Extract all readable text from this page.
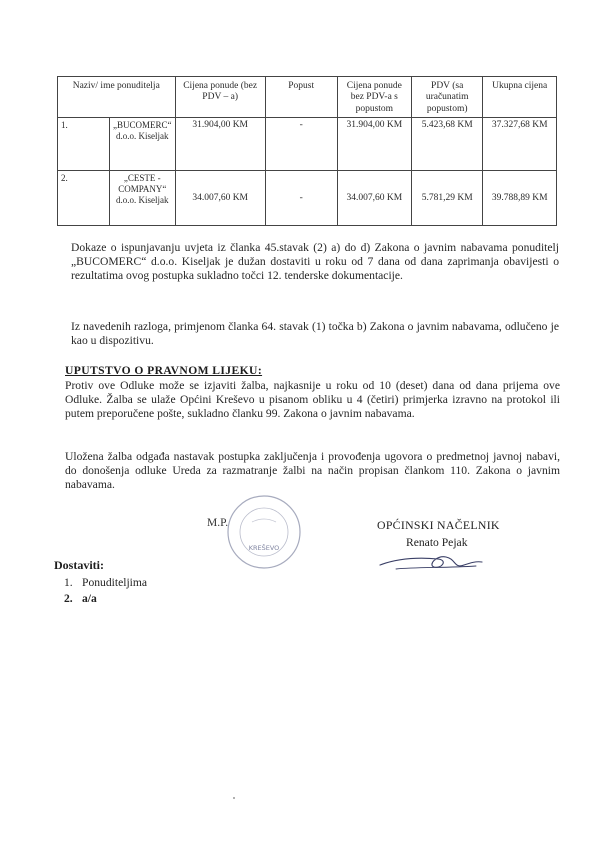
Naziv/ ime ponuditelja		Cijena ponude (bez PDV – a)	Popust	Cijena ponude bez PDV-a s popustom	PDV (sa uračunatim popustom)	Ukupna cijena
1.	„BUCOMERC“ d.o.o. Kiseljak	31.904,00 KM	-	31.904,00 KM	5.423,68 KM	37.327,68 KM
2.	„CESTE - COMPANY“ d.o.o. Kiseljak	34.007,60 KM	-	34.007,60 KM	5.781,29 KM	39.788,89 KM
Dokaze o ispunjavanju uvjeta iz članka 45.stavak (2) a) do d) Zakona o javnim nabavama ponuditelj „BUCOMERC“ d.o.o. Kiseljak je dužan dostaviti u roku od 7 dana od dana zaprimanja obavijesti o rezultatima ovog postupka sukladno točci 12. tenderske dokumentacije.
Iz navedenih razloga, primjenom članka 64. stavak (1) točka b) Zakona o javnim nabavama, odlučeno je kao u dispozitivu.
UPUTSTVO O PRAVNOM LIJEKU:
Protiv ove Odluke može se izjaviti žalba, najkasnije u roku od 10 (deset) dana od dana prijema ove Odluke. Žalba se ulaže Općini Kreševo u pisanom obliku u 4 (četiri) primjerka izravno na protokol ili putem preporučene pošte, sukladno članku 99. Zakona o javnim nabavama.
Uložena žalba odgađa nastavak postupka zaključenja i provođenja ugovora o predmetnoj javnoj nabavi, do donošenja odluke Ureda za razmatranje žalbi na način propisan člankom 110. Zakona o javnim nabavama.
M.P.
KREŠEVO
OPĆINSKI NAČELNIK
Renato Pejak
Dostaviti:
1. Ponuditeljima
2. a/a
